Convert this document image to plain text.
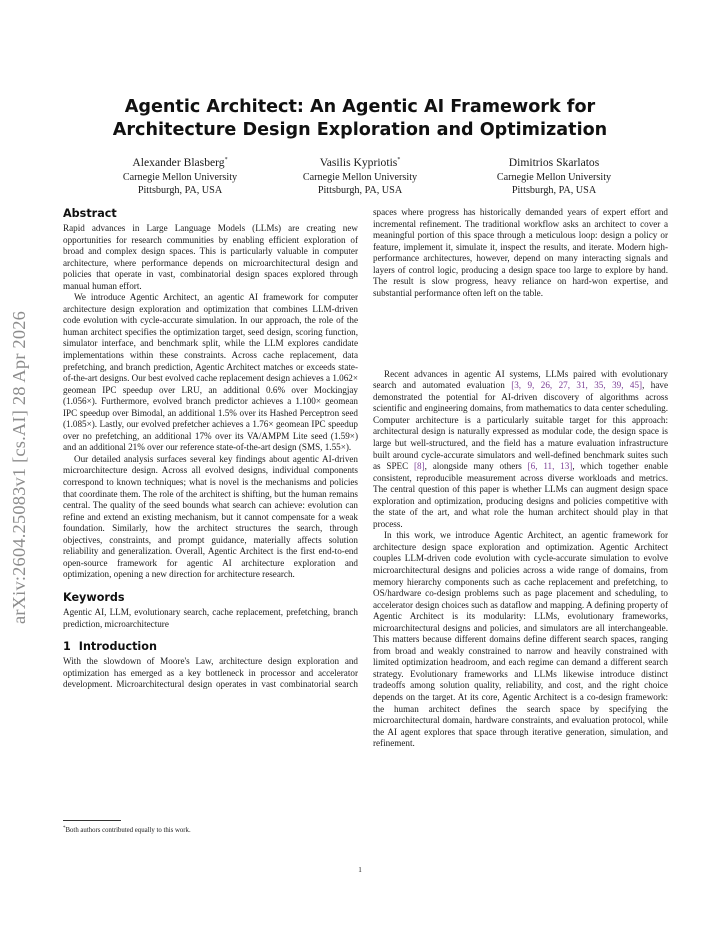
arXiv:2604.25083v1 [cs.AI] 28 Apr 2026
Agentic Architect: An Agentic AI Framework for Architecture Design Exploration and Optimization
Alexander Blasberg*
Carnegie Mellon University
Pittsburgh, PA, USA
Vasilis Kypriotis*
Carnegie Mellon University
Pittsburgh, PA, USA
Dimitrios Skarlatos
Carnegie Mellon University
Pittsburgh, PA, USA
Abstract

Rapid advances in Large Language Models (LLMs) are creating new opportunities for research communities by enabling efficient exploration of broad and complex design spaces. This is particularly valuable in computer architecture, where performance depends on microarchitectural design and policies that operate in vast, combinatorial design spaces explored through manual human effort.

We introduce Agentic Architect, an agentic AI framework for computer architecture design exploration and optimization that combines LLM-driven code evolution with cycle-accurate simulation. In our approach, the role of the human architect specifies the optimization target, seed design, scoring function, simulator interface, and benchmark split, while the LLM explores candidate implementations within these constraints. Across cache replacement, data prefetching, and branch prediction, Agentic Architect matches or exceeds state-of-the-art designs. Our best evolved cache replacement design achieves a 1.062× geomean IPC speedup over LRU, an additional 0.6% over Mockingjay (1.056×). Furthermore, evolved branch predictor achieves a 1.100× geomean IPC speedup over Bimodal, an additional 1.5% over its Hashed Perceptron seed (1.085×). Lastly, our evolved prefetcher achieves a 1.76× geomean IPC speedup over no prefetching, an additional 17% over its VA/AMPM Lite seed (1.59×) and an additional 21% over our reference state-of-the-art design (SMS, 1.55×).

Our detailed analysis surfaces several key findings about agentic AI-driven microarchitecture design. Across all evolved designs, individual components correspond to known techniques; what is novel is the mechanisms and policies that coordinate them. The role of the architect is shifting, but the human remains central. The quality of the seed bounds what search can achieve: evolution can refine and extend an existing mechanism, but it cannot compensate for a weak foundation. Similarly, how the architect structures the search, through objectives, constraints, and prompt guidance, materially affects solution reliability and generalization. Overall, Agentic Architect is the first end-to-end open-source framework for agentic AI architecture exploration and optimization, opening a new direction for architecture research.

Keywords

Agentic AI, LLM, evolutionary search, cache replacement, prefetching, branch prediction, microarchitecture

1 Introduction

With the slowdown of Moore's Law, architecture design exploration and optimization has emerged as a key bottleneck in processor and accelerator development. Microarchitectural design operates in vast combinatorial search

spaces where progress has historically demanded years of expert effort and incremental refinement. The traditional workflow asks an architect to cover a meaningful portion of this space through a meticulous loop: design a policy or feature, implement it, simulate it, inspect the results, and iterate. Modern high-performance architectures, however, depend on many interacting signals and layers of control logic, producing a design space too large to explore by hand. The result is slow progress, heavy reliance on hard-won expertise, and substantial performance often left on the table.

Recent advances in agentic AI systems, LLMs paired with evolutionary search and automated evaluation [3, 9, 26, 27, 31, 35, 39, 45], have demonstrated the potential for AI-driven discovery of algorithms across scientific and engineering domains, from mathematics to data center scheduling. Computer architecture is a particularly suitable target for this approach: architectural design is naturally expressed as modular code, the design space is large but well-structured, and the field has a mature evaluation infrastructure built around cycle-accurate simulators and well-defined benchmark suites such as SPEC [8], alongside many others [6, 11, 13], which together enable consistent, reproducible measurement across diverse workloads and metrics. The central question of this paper is whether LLMs can augment design space exploration and optimization, producing designs and policies competitive with the state of the art, and what role the human architect should play in that process.

In this work, we introduce Agentic Architect, an agentic framework for architecture design space exploration and optimization. Agentic Architect couples LLM-driven code evolution with cycle-accurate simulation to evolve microarchitectural designs and policies across a wide range of domains, from memory hierarchy components such as cache replacement and prefetching, to OS/hardware co-design problems such as page placement and scheduling, to accelerator design choices such as dataflow and mapping. A defining property of Agentic Architect is its modularity: LLMs, evolutionary frameworks, microarchitectural designs and policies, and simulators are all interchangeable. This matters because different domains define different search spaces, ranging from broad and weakly constrained to narrow and heavily constrained with limited optimization headroom, and each regime can demand a different search strategy. Evolutionary frameworks and LLMs likewise introduce distinct tradeoffs among solution quality, reliability, and cost, and the right choice depends on the target. At its core, Agentic Architect is a co-design framework: the human architect defines the search space by specifying the microarchitectural domain, hardware constraints, and evaluation protocol, while the AI agent explores that space through iterative generation, simulation, and refinement.

*Both authors contributed equally to this work.
1
